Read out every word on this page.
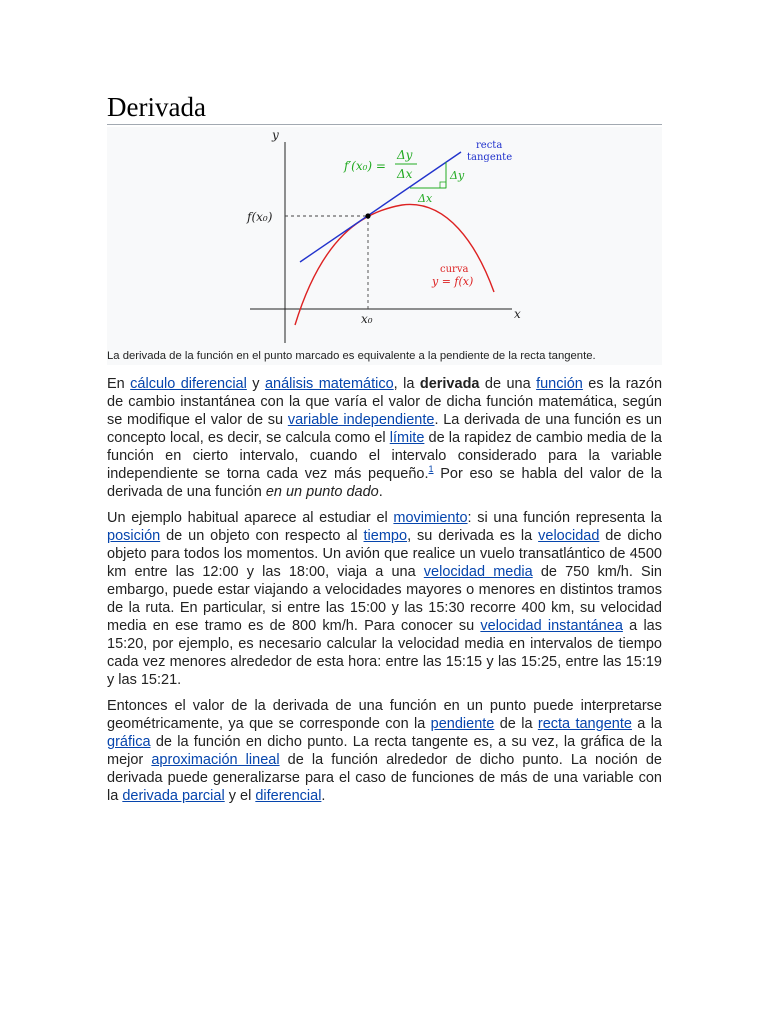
Derivada
y
x
f(x₀)
x₀
Δy
Δx
f′(x₀) =
Δy
Δx
recta
tangente
curva
y = f(x)
La derivada de la función en el punto marcado es equivalente a la pendiente de la recta tangente.

En cálculo diferencial y análisis matemático, la derivada de una función es la razón de cambio instantánea con la que varía el valor de dicha función matemática, según se modifique el valor de su variable independiente. La derivada de una función es un concepto local, es decir, se calcula como el límite de la rapidez de cambio media de la función en cierto intervalo, cuando el intervalo considerado para la variable independiente se torna cada vez más pequeño.$^1$ Por eso se habla del valor de la derivada de una función en un punto dado.

Un ejemplo habitual aparece al estudiar el movimiento: si una función representa la posición de un objeto con respecto al tiempo, su derivada es la velocidad de dicho objeto para todos los momentos. Un avión que realice un vuelo transatlántico de 4500 km entre las 12:00 y las 18:00, viaja a una velocidad media de 750 km/h. Sin embargo, puede estar viajando a velocidades mayores o menores en distintos tramos de la ruta. En particular, si entre las 15:00 y las 15:30 recorre 400 km, su velocidad media en ese tramo es de 800 km/h. Para conocer su velocidad instantánea a las 15:20, por ejemplo, es necesario calcular la velocidad media en intervalos de tiempo cada vez menores alrededor de esta hora: entre las 15:15 y las 15:25, entre las 15:19 y las 15:21.

Entonces el valor de la derivada de una función en un punto puede interpretarse geométricamente, ya que se corresponde con la pendiente de la recta tangente a la gráfica de la función en dicho punto. La recta tangente es, a su vez, la gráfica de la mejor aproximación lineal de la función alrededor de dicho punto. La noción de derivada puede generalizarse para el caso de funciones de más de una variable con la derivada parcial y el diferencial.
